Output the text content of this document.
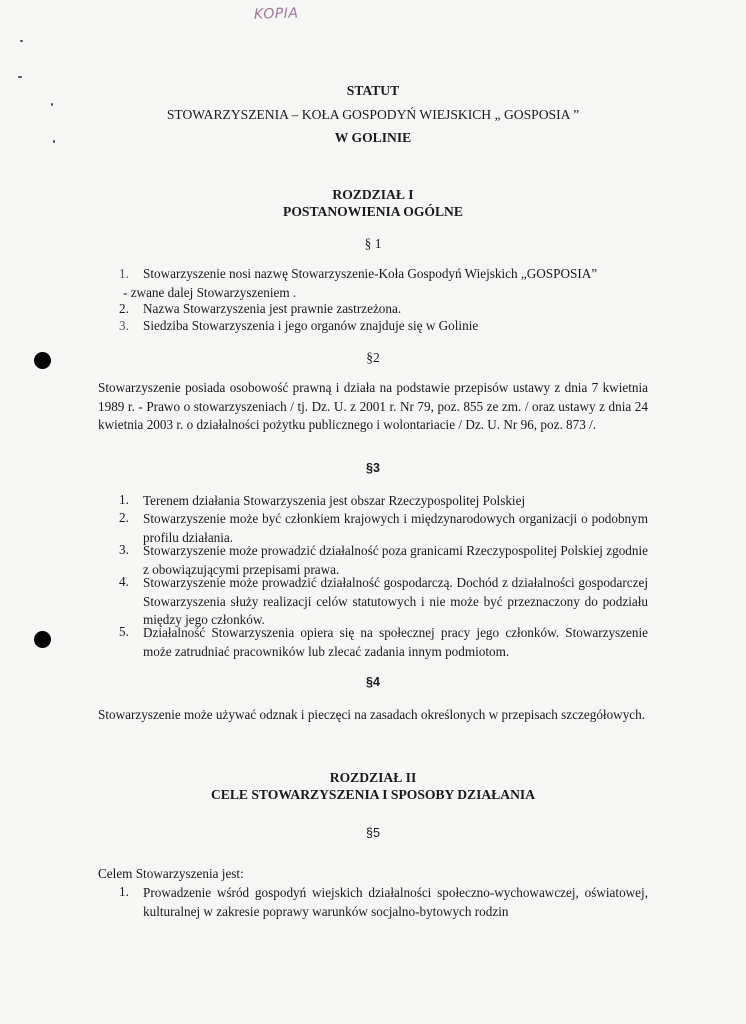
KOPIA
STATUT
STOWARZYSZENIA – KOŁA GOSPODYŃ WIEJSKICH „ GOSPOSIA ”
W GOLINIE
ROZDZIAŁ I
POSTANOWIENIA OGÓLNE
§ 1
1. Stowarzyszenie nosi nazwę Stowarzyszenie-Koła Gospodyń Wiejskich „GOSPOSIA”
- zwane dalej Stowarzyszeniem .
2. Nazwa Stowarzyszenia jest prawnie zastrzeżona.
3. Siedziba Stowarzyszenia i jego organów znajduje się w Golinie
§2
Stowarzyszenie posiada osobowość prawną i działa na podstawie przepisów ustawy z dnia 7 kwietnia 1989 r. - Prawo o stowarzyszeniach / tj. Dz. U. z 2001 r. Nr 79, poz. 855 ze zm. / oraz ustawy z dnia 24 kwietnia 2003 r. o działalności pożytku publicznego i wolontariacie / Dz. U. Nr 96, poz. 873 /.
§3
1. Terenem działania Stowarzyszenia jest obszar Rzeczypospolitej Polskiej
2. Stowarzyszenie może być członkiem krajowych i międzynarodowych organizacji o podobnym profilu działania.
3. Stowarzyszenie może prowadzić działalność poza granicami Rzeczypospolitej Polskiej zgodnie z obowiązującymi przepisami prawa.
4. Stowarzyszenie może prowadzić działalność gospodarczą. Dochód z działalności gospodarczej Stowarzyszenia służy realizacji celów statutowych i nie może być przeznaczony do podziału między jego członków.
5. Działalność Stowarzyszenia opiera się na społecznej pracy jego członków. Stowarzyszenie może zatrudniać pracowników lub zlecać zadania innym podmiotom.
§4
Stowarzyszenie może używać odznak i pieczęci na zasadach określonych w przepisach szczegółowych.
ROZDZIAŁ II
CELE STOWARZYSZENIA I SPOSOBY DZIAŁANIA
§5
Celem Stowarzyszenia jest:
1. Prowadzenie wśród gospodyń wiejskich działalności społeczno-wychowawczej, oświatowej, kulturalnej w zakresie poprawy warunków socjalno-bytowych rodzin
